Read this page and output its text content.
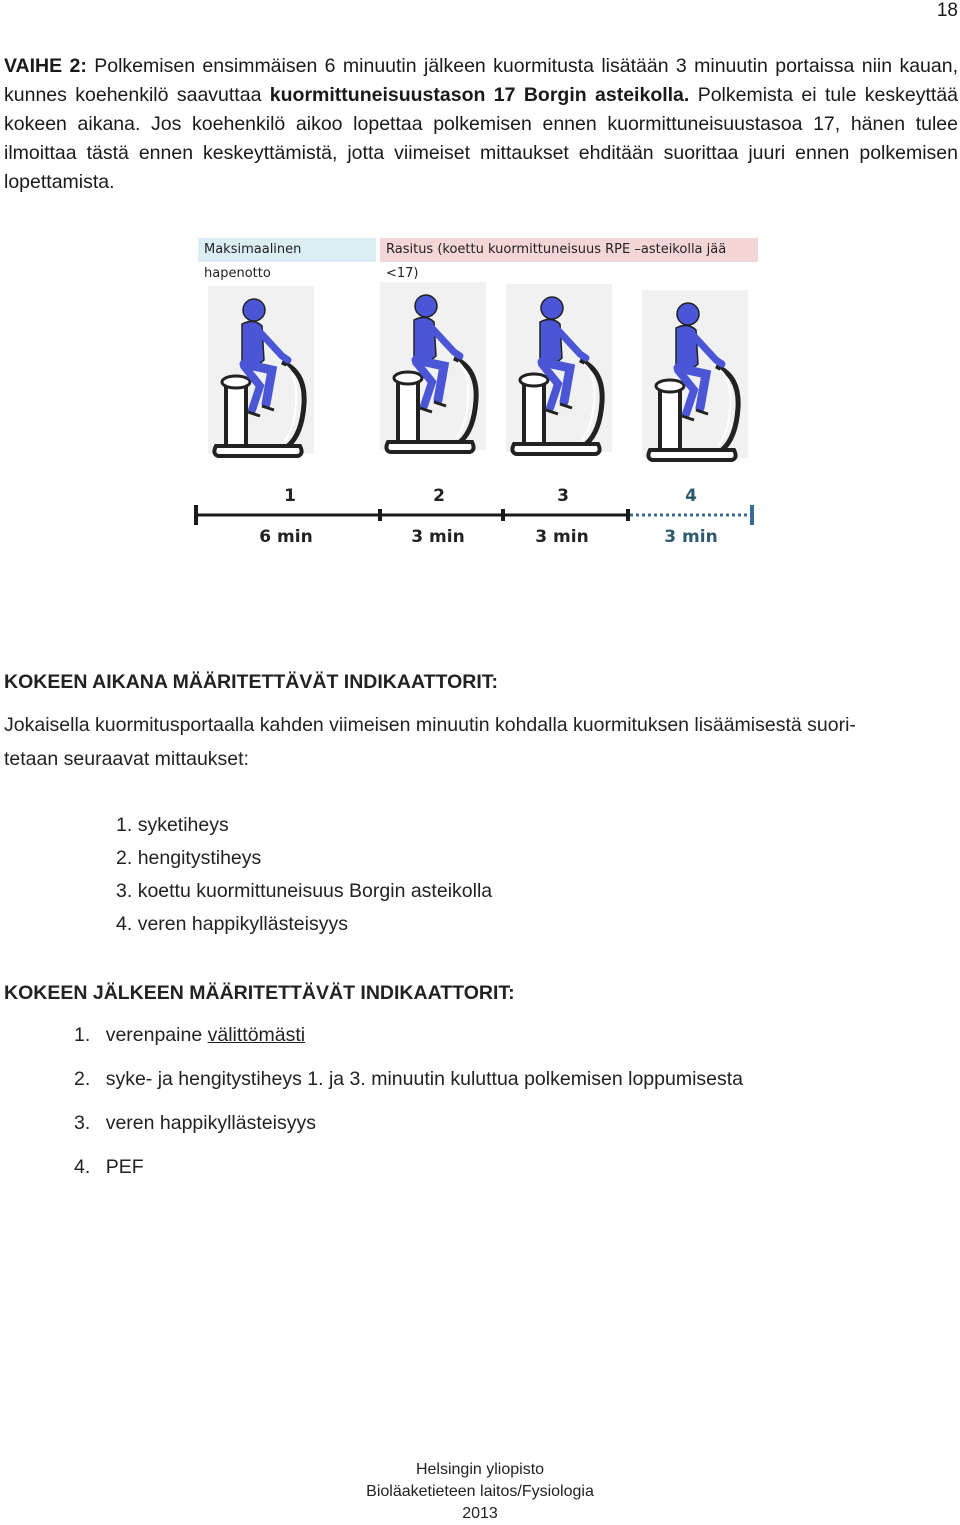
18
VAIHE 2: Polkemisen ensimmäisen 6 minuutin jälkeen kuormitusta lisätään 3 minuutin portaissa niin kauan, kunnes koehenkilö saavuttaa kuormittuneisuustason 17 Borgin asteikolla. Polkemista ei tule keskeyttää kokeen aikana. Jos koehenkilö aikoo lopettaa polkemisen ennen kuormittuneisuustasoa 17, hänen tulee ilmoittaa tästä ennen keskeyttämistä, jotta viimeiset mittaukset ehditään suorittaa juuri ennen polkemisen lopettamista.
Maksimaalinen hapenotto
Rasitus (koettu kuormittuneisuus RPE –asteikolla jää <17)
1	2	3	4
6 min	3 min	3 min	3 min
KOKEEN AIKANA MÄÄRITETTÄVÄT INDIKAATTORIT:
Jokaisella kuormitusportaalla kahden viimeisen minuutin kohdalla kuormituksen lisäämisestä suori-
tetaan seuraavat mittaukset:
1. syketiheys
2. hengitystiheys
3. koettu kuormittuneisuus Borgin asteikolla
4. veren happikyllästeisyys
KOKEEN JÄLKEEN MÄÄRITETTÄVÄT INDIKAATTORIT:
1. verenpaine välittömästi
2. syke- ja hengitystiheys 1. ja 3. minuutin kuluttua polkemisen loppumisesta
3. veren happikyllästeisyys
4. PEF
Helsingin yliopisto
Bioläaketieteen laitos/Fysiologia
2013
